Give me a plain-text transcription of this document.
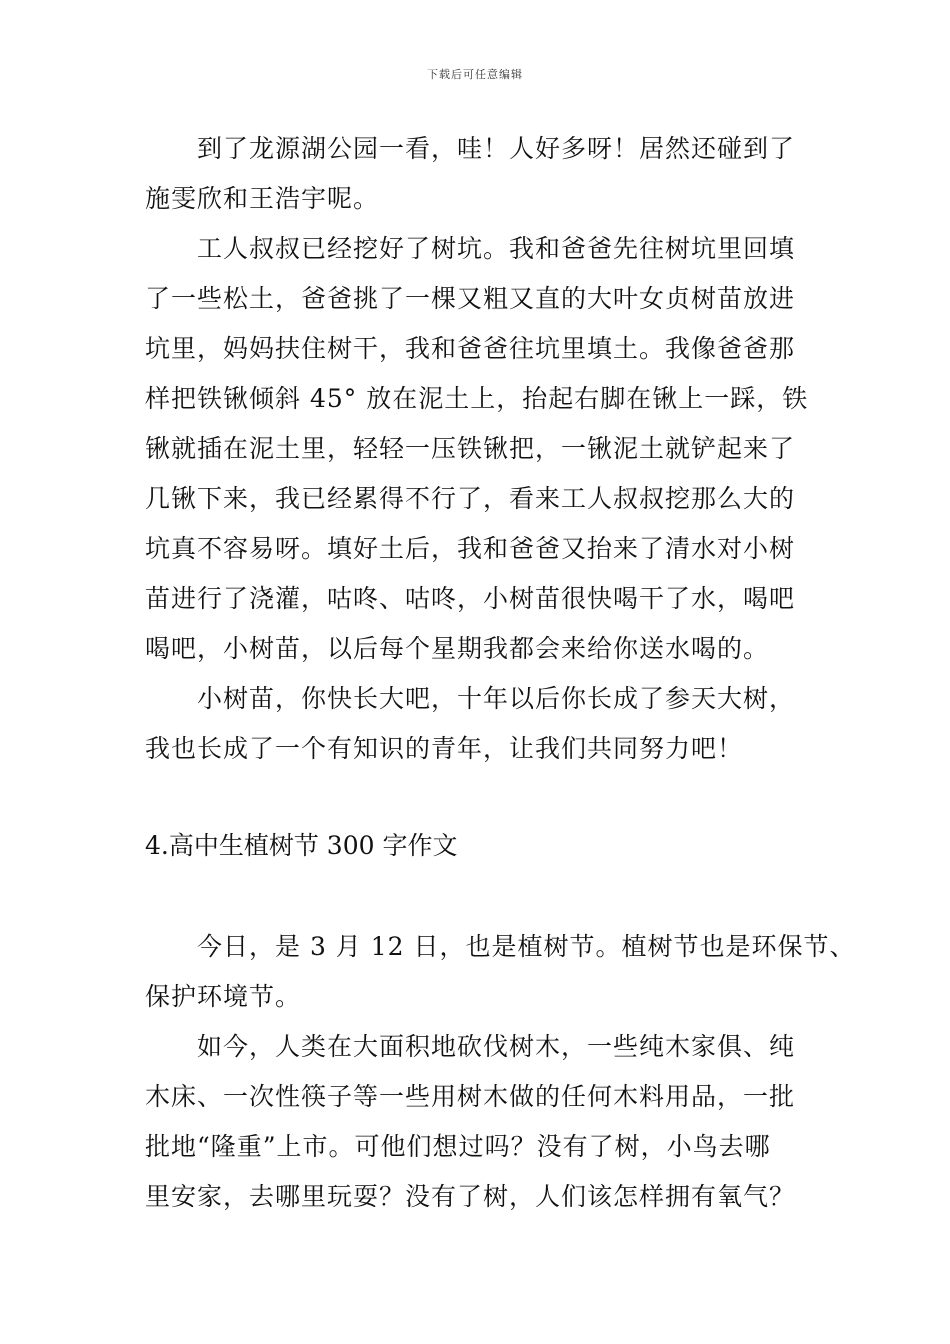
下载后可任意编辑
　　到了龙源湖公园一看，哇！人好多呀！居然还碰到了
施雯欣和王浩宇呢。
　　工人叔叔已经挖好了树坑。我和爸爸先往树坑里回填
了一些松土，爸爸挑了一棵又粗又直的大叶女贞树苗放进
坑里，妈妈扶住树干，我和爸爸往坑里填土。我像爸爸那
样把铁锹倾斜 45° 放在泥土上，抬起右脚在锹上一踩，铁
锹就插在泥土里，轻轻一压铁锹把，一锹泥土就铲起来了
几锹下来，我已经累得不行了，看来工人叔叔挖那么大的
坑真不容易呀。填好土后，我和爸爸又抬来了清水对小树
苗进行了浇灌，咕咚、咕咚，小树苗很快喝干了水，喝吧
喝吧，小树苗，以后每个星期我都会来给你送水喝的。
　　小树苗，你快长大吧，十年以后你长成了参天大树，
我也长成了一个有知识的青年，让我们共同努力吧！
4.高中生植树节 300 字作文
　　今日，是 3 月 12 日，也是植树节。植树节也是环保节、
保护环境节。
　　如今，人类在大面积地砍伐树木，一些纯木家俱、纯
木床、一次性筷子等一些用树木做的任何木料用品，一批
批地“隆重”上市。可他们想过吗？没有了树，小鸟去哪
里安家，去哪里玩耍？没有了树，人们该怎样拥有氧气？
